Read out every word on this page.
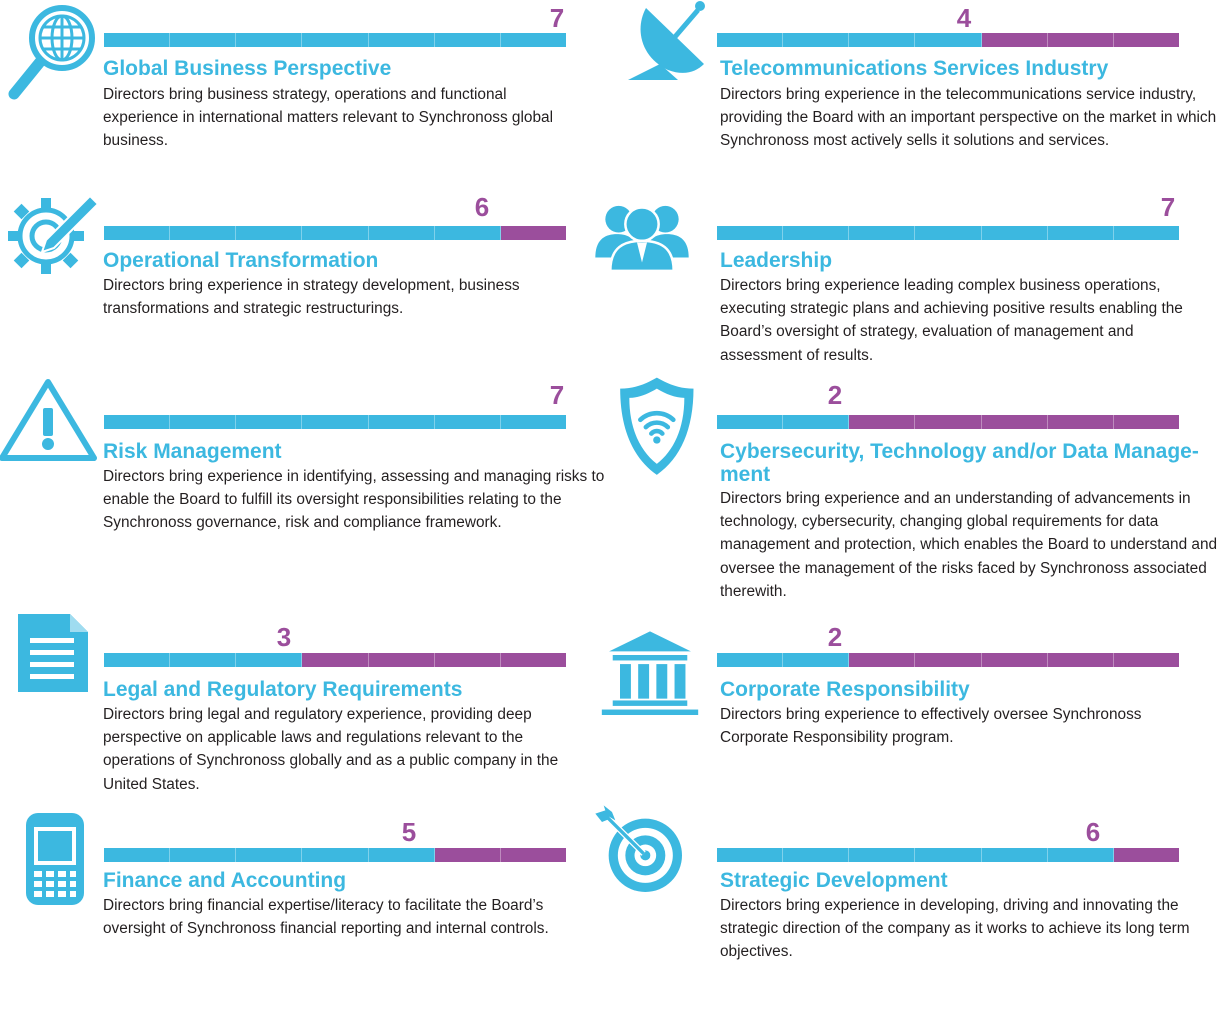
7
Global Business Perspective
Directors bring business strategy, operations and functional experience in international matters relevant to Synchronoss global business.
6
Operational Transformation
Directors bring experience in strategy development, business transformations and strategic restructurings.
7
Risk Management
Directors bring experience in identifying, assessing and managing risks to enable the Board to fulfill its oversight responsibilities relating to the Synchronoss governance, risk and compliance framework.
3
Legal and Regulatory Requirements
Directors bring legal and regulatory experience, providing deep perspective on applicable laws and regulations relevant to the operations of Synchronoss globally and as a public company in the United States.
5
Finance and Accounting
Directors bring financial expertise/literacy to facilitate the Board’s oversight of Synchronoss financial reporting and internal controls.
4
Telecommunications Services Industry
Directors bring experience in the telecommunications service industry, providing the Board with an important perspective on the market in which Synchronoss most actively sells it solutions and services.
7
Leadership
Directors bring experience leading complex business operations, executing strategic plans and achieving positive results enabling the Board’s oversight of strategy, evaluation of management and assessment of results.
2
Cybersecurity, Technology and/or Data Manage- ment
Directors bring experience and an understanding of advancements in technology, cybersecurity, changing global requirements for data management and protection, which enables the Board to understand and oversee the management of the risks faced by Synchronoss associated therewith.
2
Corporate Responsibility
Directors bring experience to effectively oversee Synchronoss Corporate Responsibility program.
6
Strategic Development
Directors bring experience in developing, driving and innovating the strategic direction of the company as it works to achieve its long term objectives.
